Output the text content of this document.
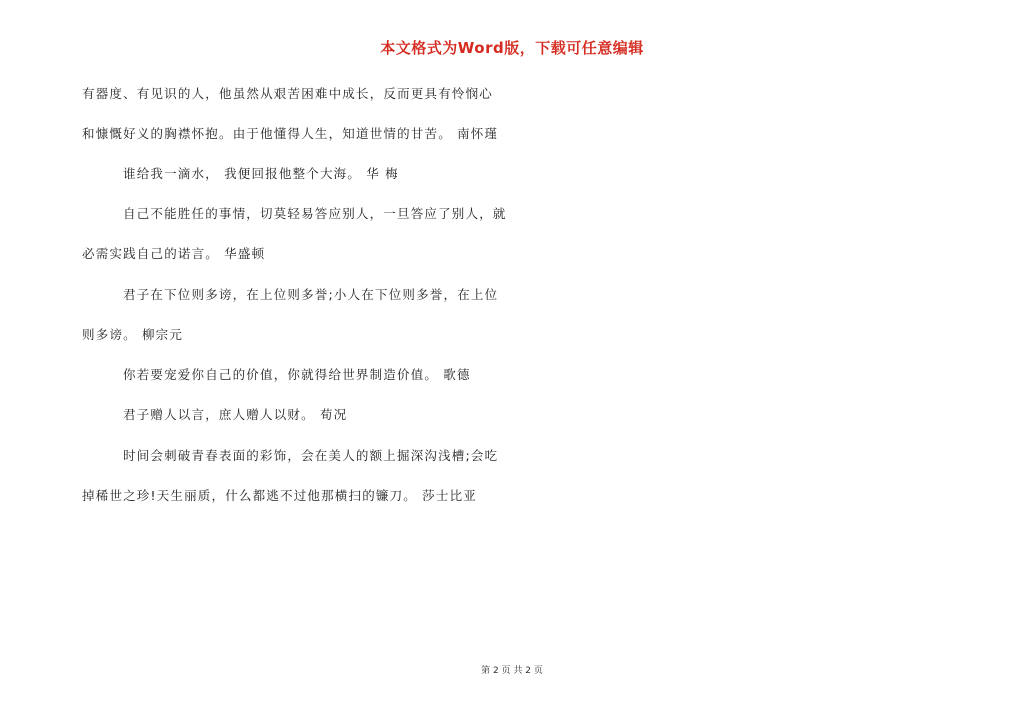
本文格式为Word版，下载可任意编辑
有器度、有见识的人，他虽然从艰苦困难中成长，反而更具有怜悯心
和慷慨好义的胸襟怀抱。由于他懂得人生，知道世情的甘苦。 南怀瑾
谁给我一滴水， 我便回报他整个大海。 华 梅
自己不能胜任的事情，切莫轻易答应别人，一旦答应了别人，就
必需实践自己的诺言。 华盛顿
君子在下位则多谤，在上位则多誉;小人在下位则多誉，在上位
则多谤。 柳宗元
你若要宠爱你自己的价值，你就得给世界制造价值。 歌德
君子赠人以言，庶人赠人以财。 荀况
时间会刺破青春表面的彩饰，会在美人的额上掘深沟浅槽;会吃
掉稀世之珍!天生丽质，什么都逃不过他那横扫的镰刀。 莎士比亚
第 2 页 共 2 页
